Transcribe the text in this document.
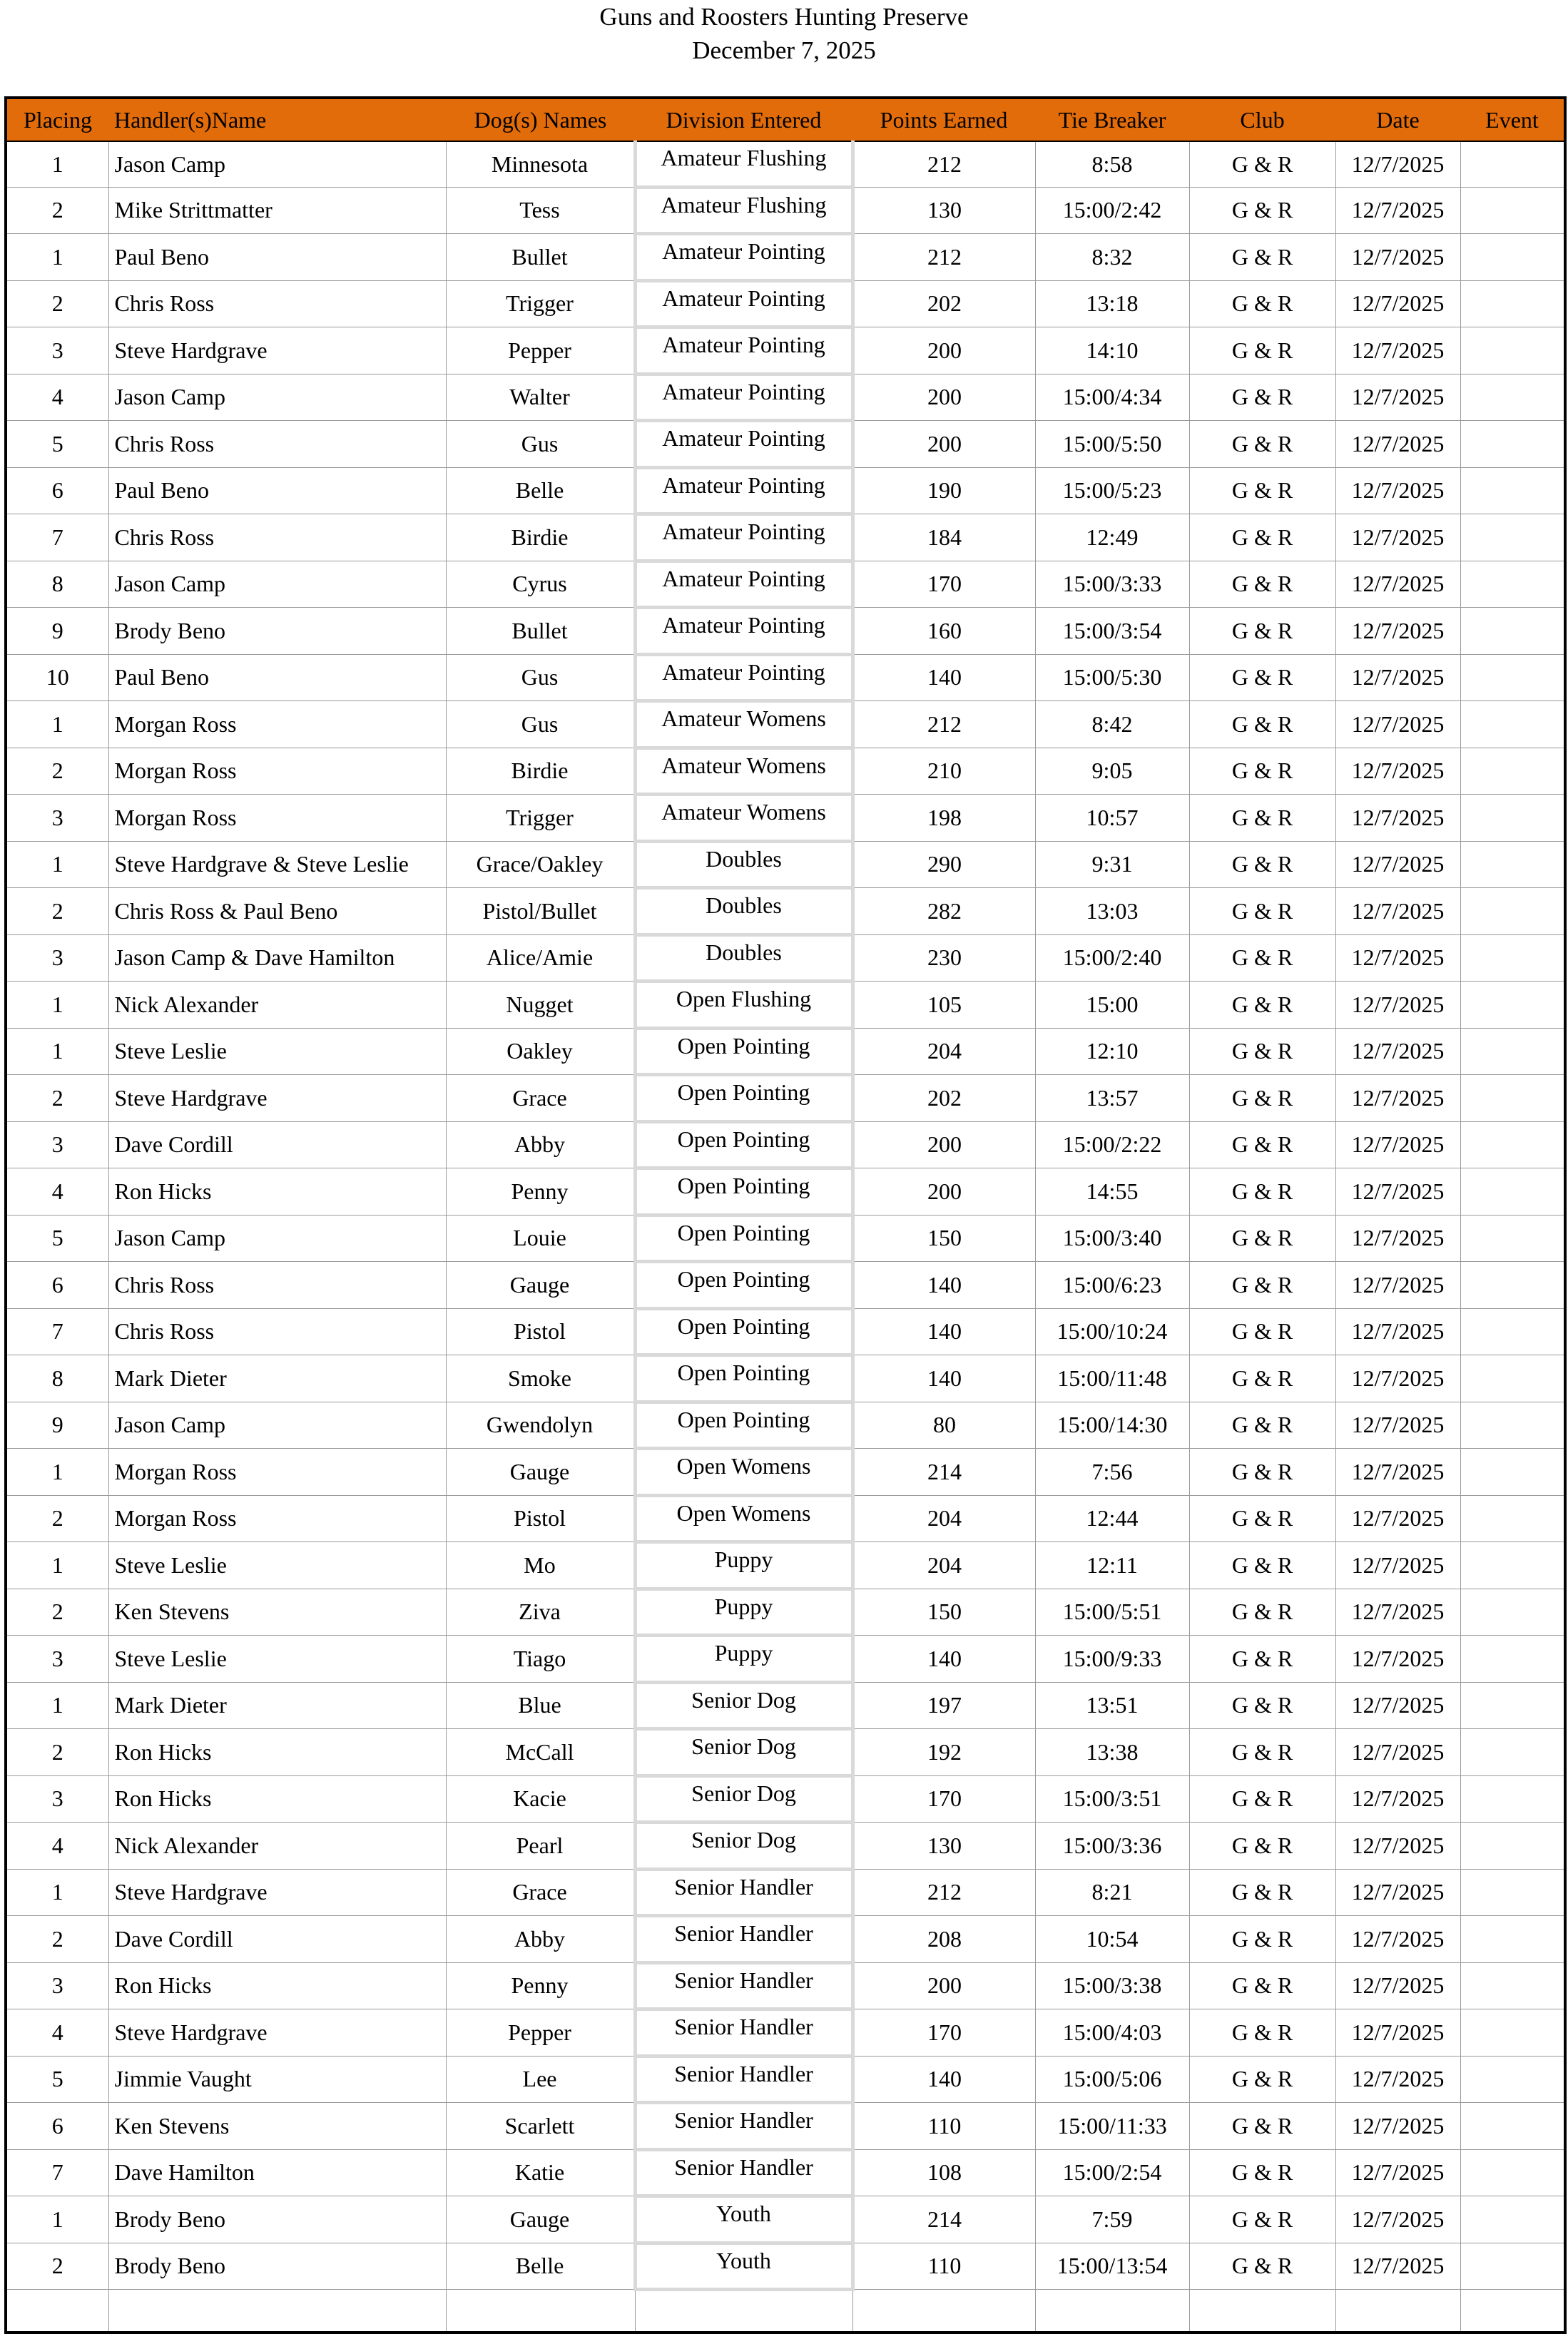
Guns and Roosters Hunting Preserve
December 7, 2025
Placing	Handler(s)Name	Dog(s) Names	Division Entered	Points Earned	Tie Breaker	Club	Date	Event
1	Jason Camp	Minnesota	Amateur Flushing	212	8:58	G & R	12/7/2025	
2	Mike Strittmatter	Tess	Amateur Flushing	130	15:00/2:42	G & R	12/7/2025	
1	Paul Beno	Bullet	Amateur Pointing	212	8:32	G & R	12/7/2025	
2	Chris Ross	Trigger	Amateur Pointing	202	13:18	G & R	12/7/2025	
3	Steve Hardgrave	Pepper	Amateur Pointing	200	14:10	G & R	12/7/2025	
4	Jason Camp	Walter	Amateur Pointing	200	15:00/4:34	G & R	12/7/2025	
5	Chris Ross	Gus	Amateur Pointing	200	15:00/5:50	G & R	12/7/2025	
6	Paul Beno	Belle	Amateur Pointing	190	15:00/5:23	G & R	12/7/2025	
7	Chris Ross	Birdie	Amateur Pointing	184	12:49	G & R	12/7/2025	
8	Jason Camp	Cyrus	Amateur Pointing	170	15:00/3:33	G & R	12/7/2025	
9	Brody Beno	Bullet	Amateur Pointing	160	15:00/3:54	G & R	12/7/2025	
10	Paul Beno	Gus	Amateur Pointing	140	15:00/5:30	G & R	12/7/2025	
1	Morgan Ross	Gus	Amateur Womens	212	8:42	G & R	12/7/2025	
2	Morgan Ross	Birdie	Amateur Womens	210	9:05	G & R	12/7/2025	
3	Morgan Ross	Trigger	Amateur Womens	198	10:57	G & R	12/7/2025	
1	Steve Hardgrave & Steve Leslie	Grace/Oakley	Doubles	290	9:31	G & R	12/7/2025	
2	Chris Ross & Paul Beno	Pistol/Bullet	Doubles	282	13:03	G & R	12/7/2025	
3	Jason Camp & Dave Hamilton	Alice/Amie	Doubles	230	15:00/2:40	G & R	12/7/2025	
1	Nick Alexander	Nugget	Open Flushing	105	15:00	G & R	12/7/2025	
1	Steve Leslie	Oakley	Open Pointing	204	12:10	G & R	12/7/2025	
2	Steve Hardgrave	Grace	Open Pointing	202	13:57	G & R	12/7/2025	
3	Dave Cordill	Abby	Open Pointing	200	15:00/2:22	G & R	12/7/2025	
4	Ron Hicks	Penny	Open Pointing	200	14:55	G & R	12/7/2025	
5	Jason Camp	Louie	Open Pointing	150	15:00/3:40	G & R	12/7/2025	
6	Chris Ross	Gauge	Open Pointing	140	15:00/6:23	G & R	12/7/2025	
7	Chris Ross	Pistol	Open Pointing	140	15:00/10:24	G & R	12/7/2025	
8	Mark Dieter	Smoke	Open Pointing	140	15:00/11:48	G & R	12/7/2025	
9	Jason Camp	Gwendolyn	Open Pointing	80	15:00/14:30	G & R	12/7/2025	
1	Morgan Ross	Gauge	Open Womens	214	7:56	G & R	12/7/2025	
2	Morgan Ross	Pistol	Open Womens	204	12:44	G & R	12/7/2025	
1	Steve Leslie	Mo	Puppy	204	12:11	G & R	12/7/2025	
2	Ken Stevens	Ziva	Puppy	150	15:00/5:51	G & R	12/7/2025	
3	Steve Leslie	Tiago	Puppy	140	15:00/9:33	G & R	12/7/2025	
1	Mark Dieter	Blue	Senior Dog	197	13:51	G & R	12/7/2025	
2	Ron Hicks	McCall	Senior Dog	192	13:38	G & R	12/7/2025	
3	Ron Hicks	Kacie	Senior Dog	170	15:00/3:51	G & R	12/7/2025	
4	Nick Alexander	Pearl	Senior Dog	130	15:00/3:36	G & R	12/7/2025	
1	Steve Hardgrave	Grace	Senior Handler	212	8:21	G & R	12/7/2025	
2	Dave Cordill	Abby	Senior Handler	208	10:54	G & R	12/7/2025	
3	Ron Hicks	Penny	Senior Handler	200	15:00/3:38	G & R	12/7/2025	
4	Steve Hardgrave	Pepper	Senior Handler	170	15:00/4:03	G & R	12/7/2025	
5	Jimmie Vaught	Lee	Senior Handler	140	15:00/5:06	G & R	12/7/2025	
6	Ken Stevens	Scarlett	Senior Handler	110	15:00/11:33	G & R	12/7/2025	
7	Dave Hamilton	Katie	Senior Handler	108	15:00/2:54	G & R	12/7/2025	
1	Brody Beno	Gauge	Youth	214	7:59	G & R	12/7/2025	
2	Brody Beno	Belle	Youth	110	15:00/13:54	G & R	12/7/2025	
